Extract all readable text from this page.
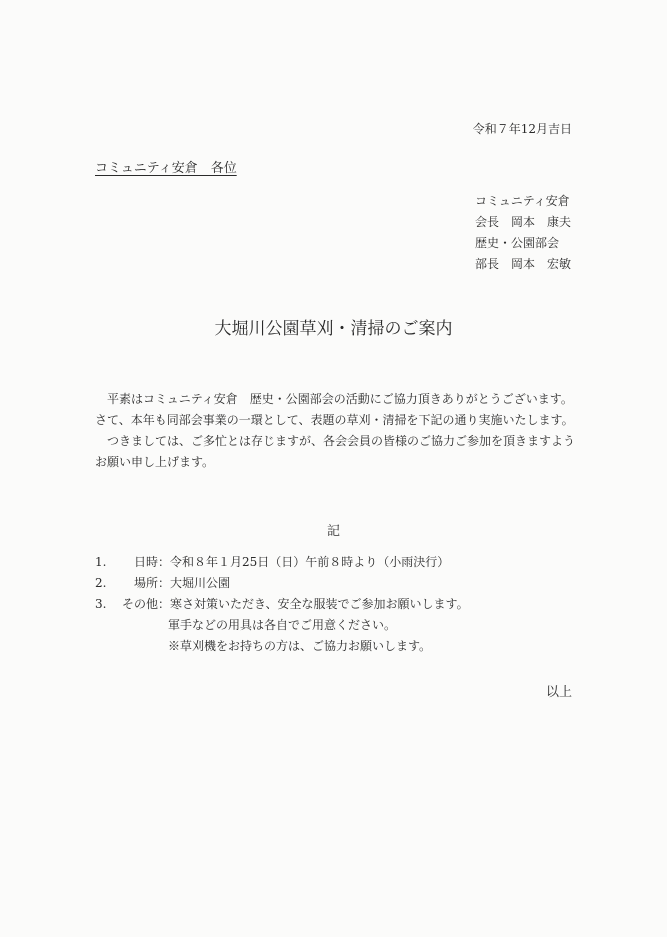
令和７年12月吉日
コミュニティ安倉　各位
コミュニティ安倉
会長　岡本　康夫
歴史・公園部会
部長　岡本　宏敏
大堀川公園草刈・清掃のご案内
　平素はコミュニティ安倉　歴史・公園部会の活動にご協力頂きありがとうございます。
さて、本年も同部会事業の一環として、表題の草刈・清掃を下記の通り実施いたします。
　つきましては、ご多忙とは存じますが、各会会員の皆様のご協力ご参加を頂きますよう
お願い申し上げます。
記
1.	　日時：令和８年１月25日（日）午前８時より（小雨決行）
2.	　場所：大堀川公園
3.	その他：寒さ対策いただき、安全な服装でご参加お願いします。
軍手などの用具は各自でご用意ください。
※草刈機をお持ちの方は、ご協力お願いします。
以上
